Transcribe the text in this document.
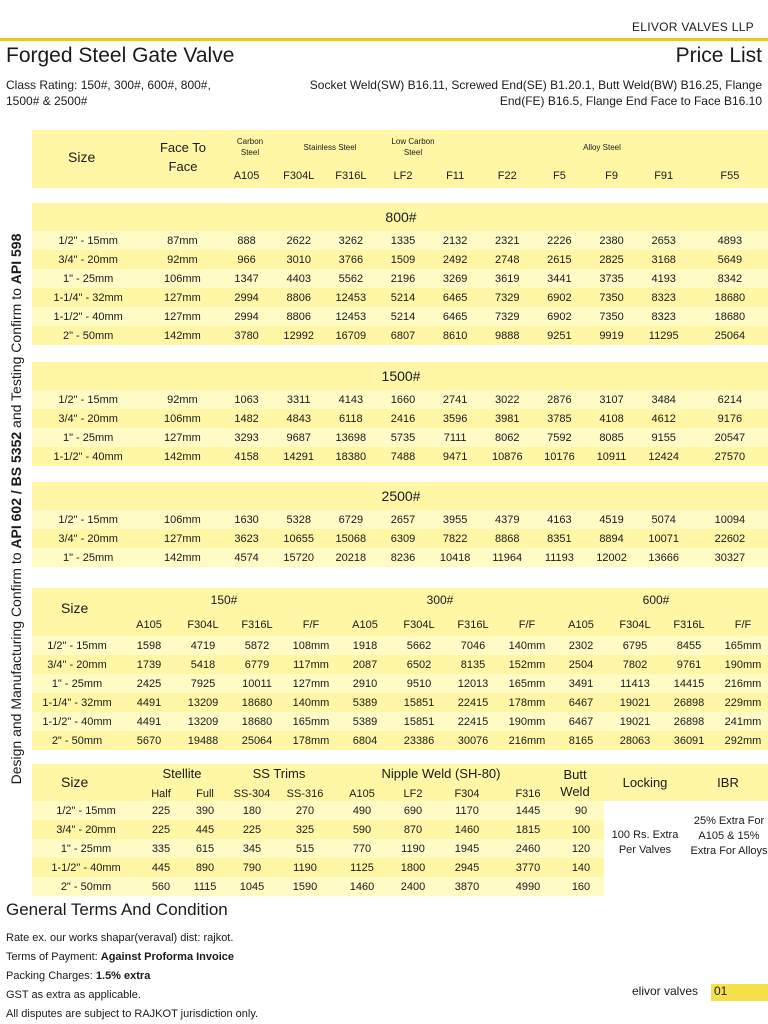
ELIVOR VALVES LLP
Forged Steel Gate Valve	Price List
Class Rating: 150#, 300#, 600#, 800#, 1500# & 2500#
Socket Weld(SW) B16.11, Screwed End(SE) B1.20.1, Butt Weld(BW) B16.25, Flange End(FE) B16.5, Flange End Face to Face B16.10
Design and Manufacturing Confirm to API 602 / BS 5352 and Testing Confirm to API 598
Size
Face To Face
Carbon Steel
Stainless Steel
Low Carbon Steel
Alloy Steel
		A105	F304L	F316L	LF2	F11	F22	F5	F9	F91	F55
800#
1/2" - 15mm	87mm	888	2622	3262	1335	2132	2321	2226	2380	2653	4893
3/4" - 20mm	92mm	966	3010	3766	1509	2492	2748	2615	2825	3168	5649
1" - 25mm	106mm	1347	4403	5562	2196	3269	3619	3441	3735	4193	8342
1-1/4" - 32mm	127mm	2994	8806	12453	5214	6465	7329	6902	7350	8323	18680
1-1/2" - 40mm	127mm	2994	8806	12453	5214	6465	7329	6902	7350	8323	18680
2" - 50mm	142mm	3780	12992	16709	6807	8610	9888	9251	9919	11295	25064
1500#
1/2" - 15mm	92mm	1063	3311	4143	1660	2741	3022	2876	3107	3484	6214
3/4" - 20mm	106mm	1482	4843	6118	2416	3596	3981	3785	4108	4612	9176
1" - 25mm	127mm	3293	9687	13698	5735	7111	8062	7592	8085	9155	20547
1-1/2" - 40mm	142mm	4158	14291	18380	7488	9471	10876	10176	10911	12424	27570
2500#
1/2" - 15mm	106mm	1630	5328	6729	2657	3955	4379	4163	4519	5074	10094
3/4" - 20mm	127mm	3623	10655	15068	6309	7822	8868	8351	8894	10071	22602
1" - 25mm	142mm	4574	15720	20218	8236	10418	11964	11193	12002	13666	30327
Size	150#	300#	600#
	A105	F304L	F316L	F/F	A105	F304L	F316L	F/F	A105	F304L	F316L	F/F
1/2" - 15mm	1598	4719	5872	108mm	1918	5662	7046	140mm	2302	6795	8455	165mm
3/4" - 20mm	1739	5418	6779	117mm	2087	6502	8135	152mm	2504	7802	9761	190mm
1" - 25mm	2425	7925	10011	127mm	2910	9510	12013	165mm	3491	11413	14415	216mm
1-1/4" - 32mm	4491	13209	18680	140mm	5389	15851	22415	178mm	6467	19021	26898	229mm
1-1/2" - 40mm	4491	13209	18680	165mm	5389	15851	22415	190mm	6467	19021	26898	241mm
2" - 50mm	5670	19488	25064	178mm	6804	23386	30076	216mm	8165	28063	36091	292mm
Size
Stellite	SS Trims	Nipple Weld (SH-80)	Butt Weld
	Half	Full	SS-304	SS-316	A105	LF2	F304	F316	
1/2" - 15mm	225	390	180	270	490	690	1170	1445	90
3/4" - 20mm	225	445	225	325	590	870	1460	1815	100
1" - 25mm	335	615	345	515	770	1190	1945	2460	120
1-1/2" - 40mm	445	890	790	1190	1125	1800	2945	3770	140
2" - 50mm	560	1115	1045	1590	1460	2400	3870	4990	160
Locking	IBR
100 Rs. Extra Per Valves
25% Extra For A105 & 15% Extra For Alloys
General Terms And Condition
Rate ex. our works shapar(veraval) dist: rajkot.
Terms of Payment: Against Proforma Invoice
Packing Charges: 1.5% extra
GST as extra as applicable.
All disputes are subject to RAJKOT jurisdiction only.
elivor valves 01
